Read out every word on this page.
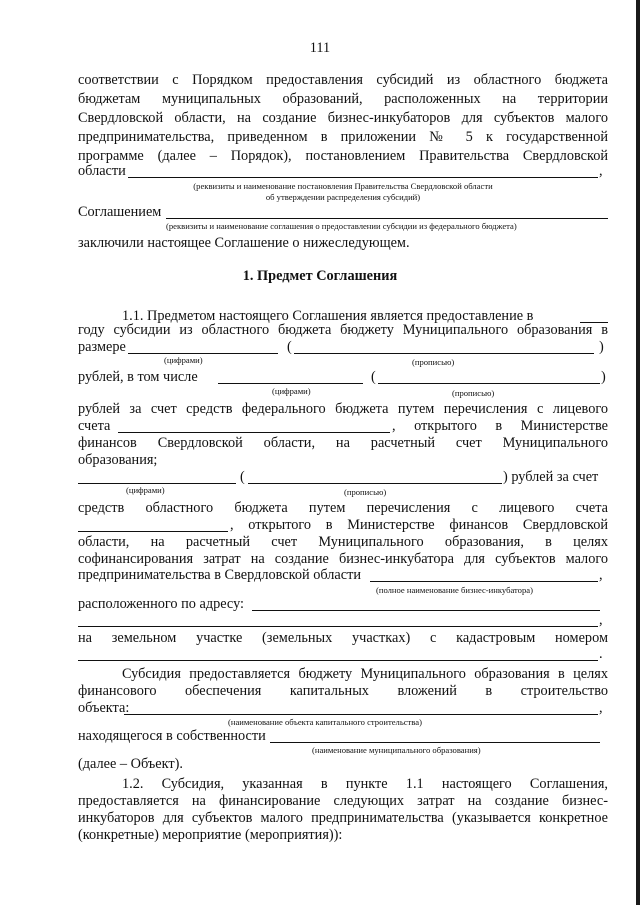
111
соответствии с Порядком предоставления субсидий из областного бюджета
бюджетам муниципальных образований, расположенных на территории
Свердловской области, на создание бизнес-инкубаторов для субъектов малого
предпринимательства, приведенном в приложении № 5 к государственной
программе (далее – Порядок), постановлением Правительства Свердловской
области	,
(реквизиты и наименование постановления Правительства Свердловской области
об утверждении распределения субсидий)
Соглашением
(реквизиты и наименование соглашения о предоставлении субсидии из федерального бюджета)
заключили настоящее Соглашение о нижеследующем.
1. Предмет Соглашения
1.1. Предметом настоящего Соглашения является предоставление в
году субсидии из областного бюджета бюджету Муниципального образования в
размере	(	)
(цифрами)	(прописью)
рублей, в том числе	(	)
(цифрами)	(прописью)
рублей за счет средств федерального бюджета путем перечисления с лицевого
счета	, открытого в Министерстве
финансов Свердловской области, на расчетный счет Муниципального
образования;
(	) рублей за счет
(цифрами)	(прописью)
средств областного бюджета путем перечисления с лицевого счета
, открытого в Министерстве финансов Свердловской
области, на расчетный счет Муниципального образования, в целях
софинансирования затрат на создание бизнес-инкубатора для субъектов малого
предпринимательства в Свердловской области	,
(полное наименование бизнес-инкубатора)
расположенного по адресу:
,
на земельном участке (земельных участках) с кадастровым номером
.
Субсидия предоставляется бюджету Муниципального образования в целях
финансового обеспечения капитальных вложений в строительство
объекта:	,
(наименование объекта капитального строительства)
находящегося в собственности
(наименование муниципального образования)
(далее – Объект).
1.2. Субсидия, указанная в пункте 1.1 настоящего Соглашения,
предоставляется на финансирование следующих затрат на создание бизнес-
инкубаторов для субъектов малого предпринимательства (указывается конкретное
(конкретные) мероприятие (мероприятия)):
